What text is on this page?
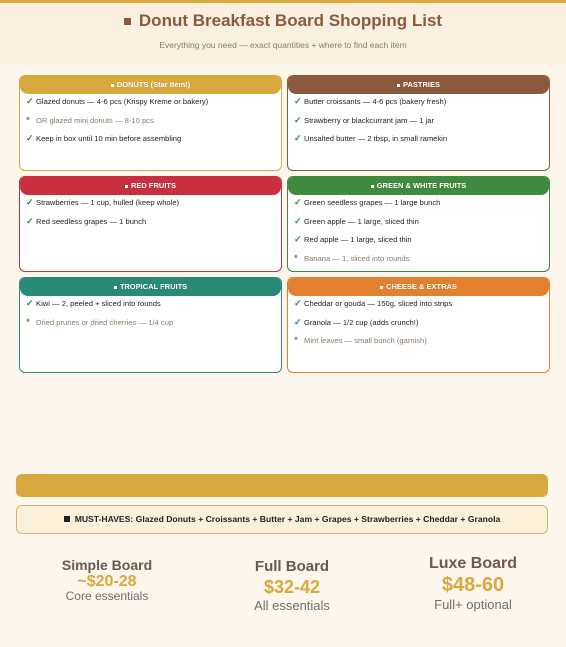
Donut Breakfast Board Shopping List
Everything you need — exact quantities + where to find each item
DONUTS (Star Item!)
✓ Glazed donuts — 4-6 pcs (Krispy Kreme or bakery)
• OR glazed mini donuts — 8-10 pcs
✓ Keep in box until 10 min before assembling
PASTRIES
✓ Butter croissants — 4-6 pcs (bakery fresh)
✓ Strawberry or blackcurrant jam — 1 jar
✓ Unsalted butter — 2 tbsp, in small ramekin
RED FRUITS
✓ Strawberries — 1 cup, hulled (keep whole)
✓ Red seedless grapes — 1 bunch
GREEN & WHITE FRUITS
✓ Green seedless grapes — 1 large bunch
✓ Green apple — 1 large, sliced thin
✓ Red apple — 1 large, sliced thin
• Banana — 1, sliced into rounds
TROPICAL FRUITS
✓ Kiwi — 2, peeled + sliced into rounds
• Dried prunes or dried cherries — 1/4 cup
CHEESE & EXTRAS
✓ Cheddar or gouda — 150g, sliced into strips
✓ Granola — 1/2 cup (adds crunch!)
• Mint leaves — small bunch (garnish)
MUST-HAVES: Glazed Donuts + Croissants + Butter + Jam + Grapes + Strawberries + Cheddar + Granola
Simple Board
~$20-28
Core essentials
Full Board
$32-42
All essentials
Luxe Board
$48-60
Full+ optional
